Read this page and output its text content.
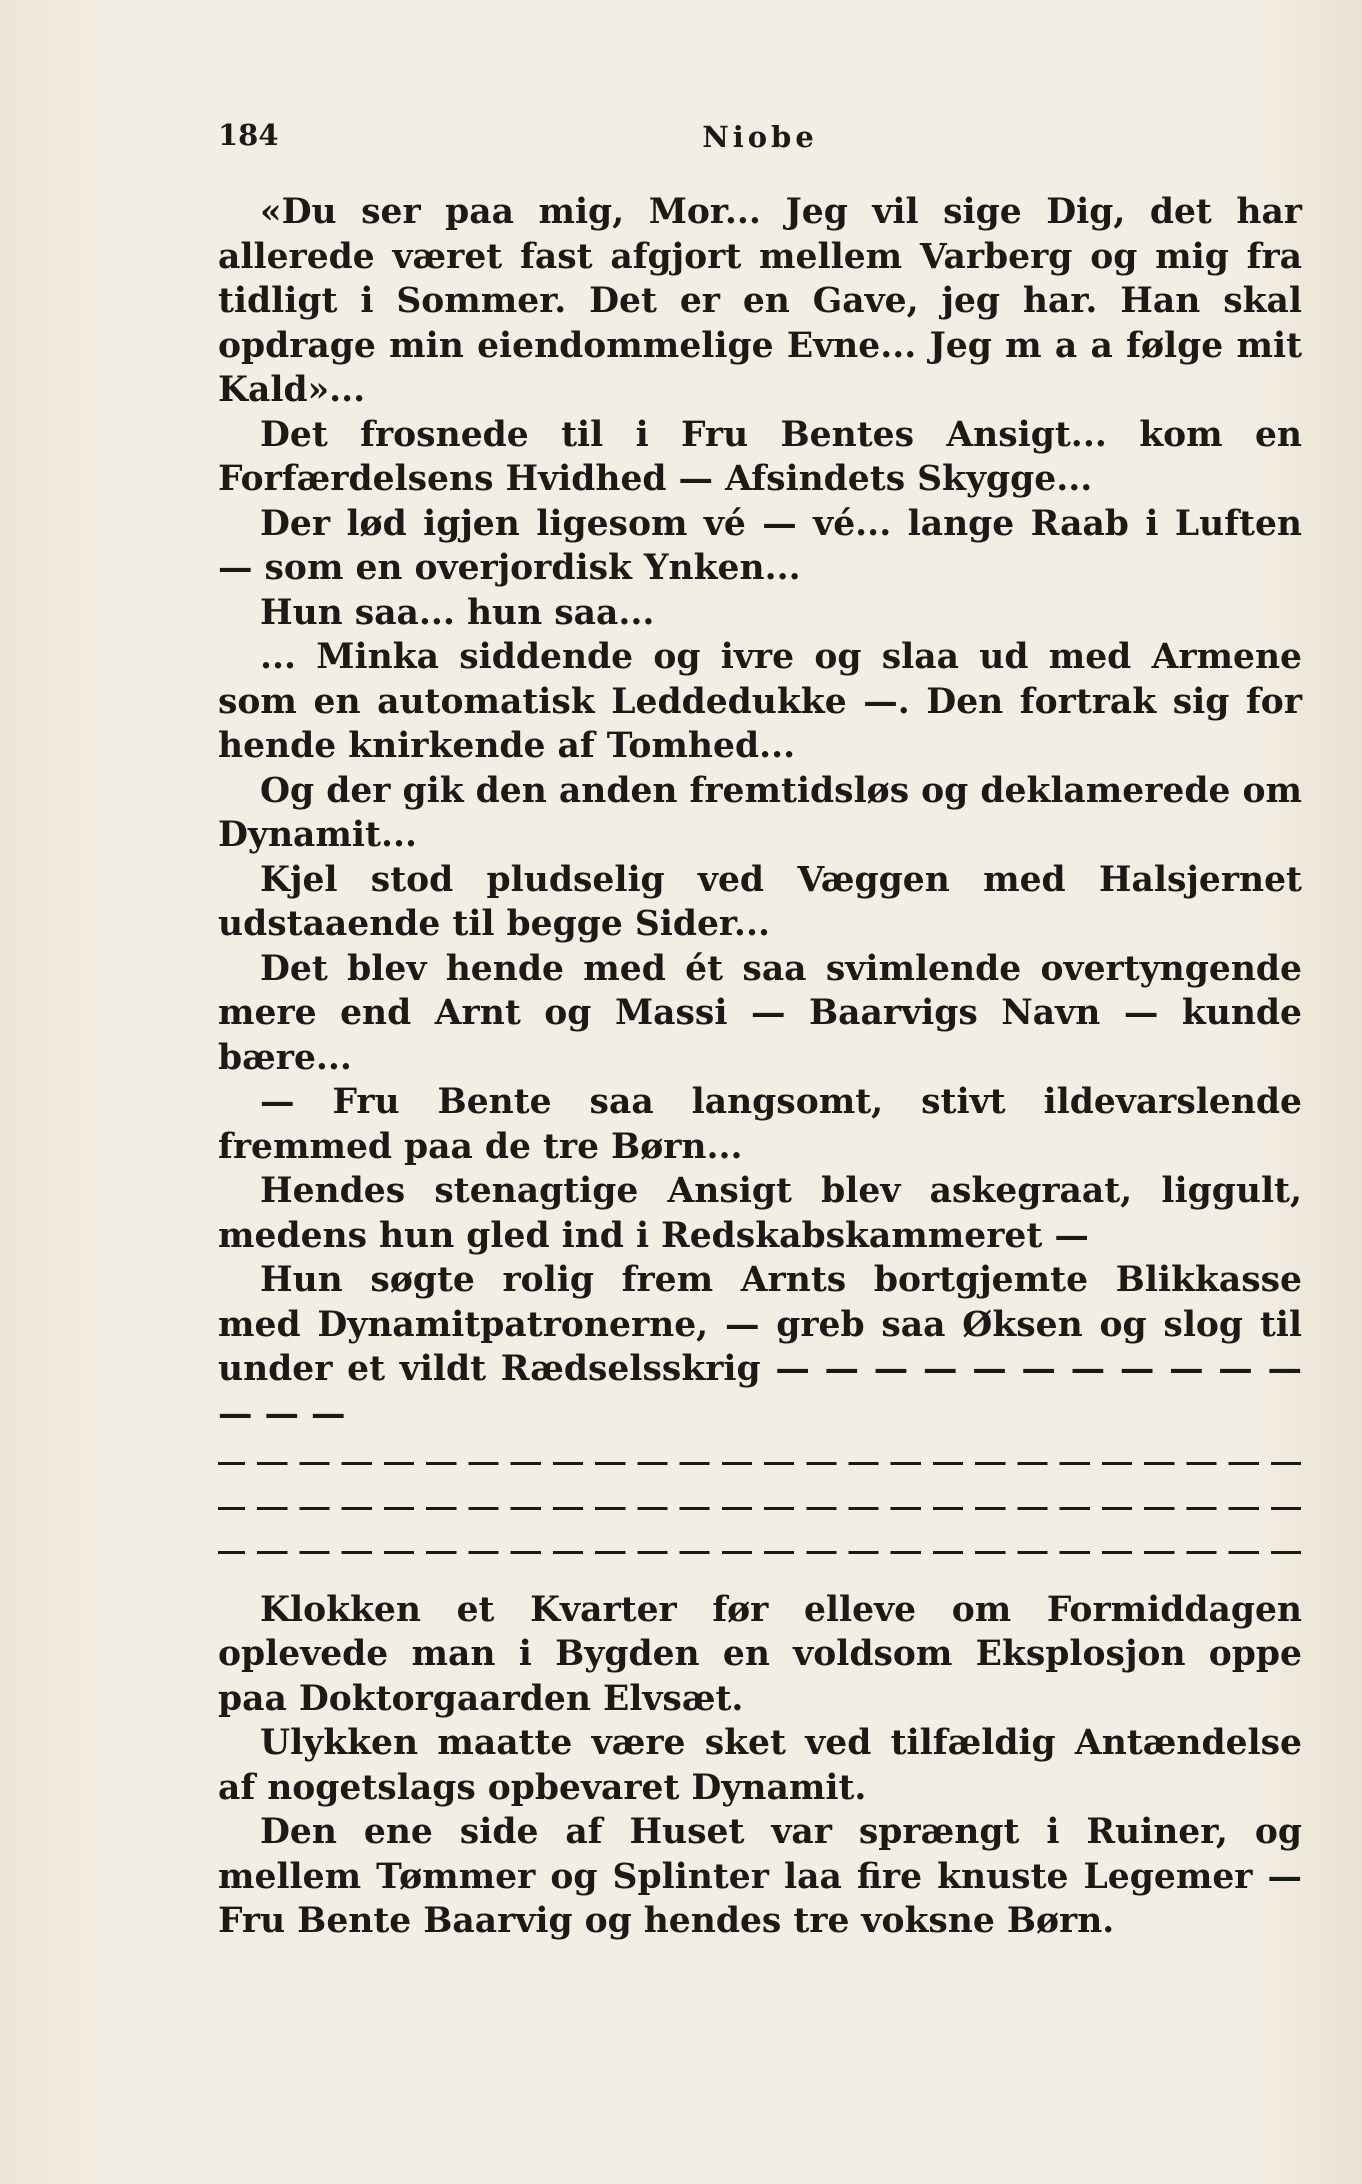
184	Niobe

«Du ser paa mig, Mor... Jeg vil sige Dig, det har allerede været fast afgjort mellem Varberg og mig fra tidligt i Sommer. Det er en Gave, jeg har. Han skal opdrage min eiendommelige Evne... Jeg m a a følge mit Kald»...

Det frosnede til i Fru Bentes Ansigt... kom en Forfærdelsens Hvidhed — Afsindets Skygge...

Der lød igjen ligesom vé — vé... lange Raab i Luften — som en overjordisk Ynken...

Hun saa... hun saa...

... Minka siddende og ivre og slaa ud med Armene som en automatisk Leddedukke —. Den fortrak sig for hende knirkende af Tomhed...

Og der gik den anden fremtidsløs og deklamerede om Dynamit...

Kjel stod pludselig ved Væggen med Halsjernet udstaaende til begge Sider...

Det blev hende med ét saa svimlende overtyngende mere end Arnt og Massi — Baarvigs Navn — kunde bære...

— Fru Bente saa langsomt, stivt ildevarslende fremmed paa de tre Børn...

Hendes stenagtige Ansigt blev askegraat, liggult, medens hun gled ind i Redskabskammeret —

Hun søgte rolig frem Arnts bortgjemte Blikkasse med Dynamitpatronerne, — greb saa Øksen og slog til under et vildt Rædselsskrig — — — — — — — — — — — — — —

Klokken et Kvarter før elleve om Formiddagen oplevede man i Bygden en voldsom Eksplosjon oppe paa Doktorgaarden Elvsæt.

Ulykken maatte være sket ved tilfældig Antændelse af nogetslags opbevaret Dynamit.

Den ene side af Huset var sprængt i Ruiner, og mellem Tømmer og Splinter laa fire knuste Legemer — Fru Bente Baarvig og hendes tre voksne Børn.
